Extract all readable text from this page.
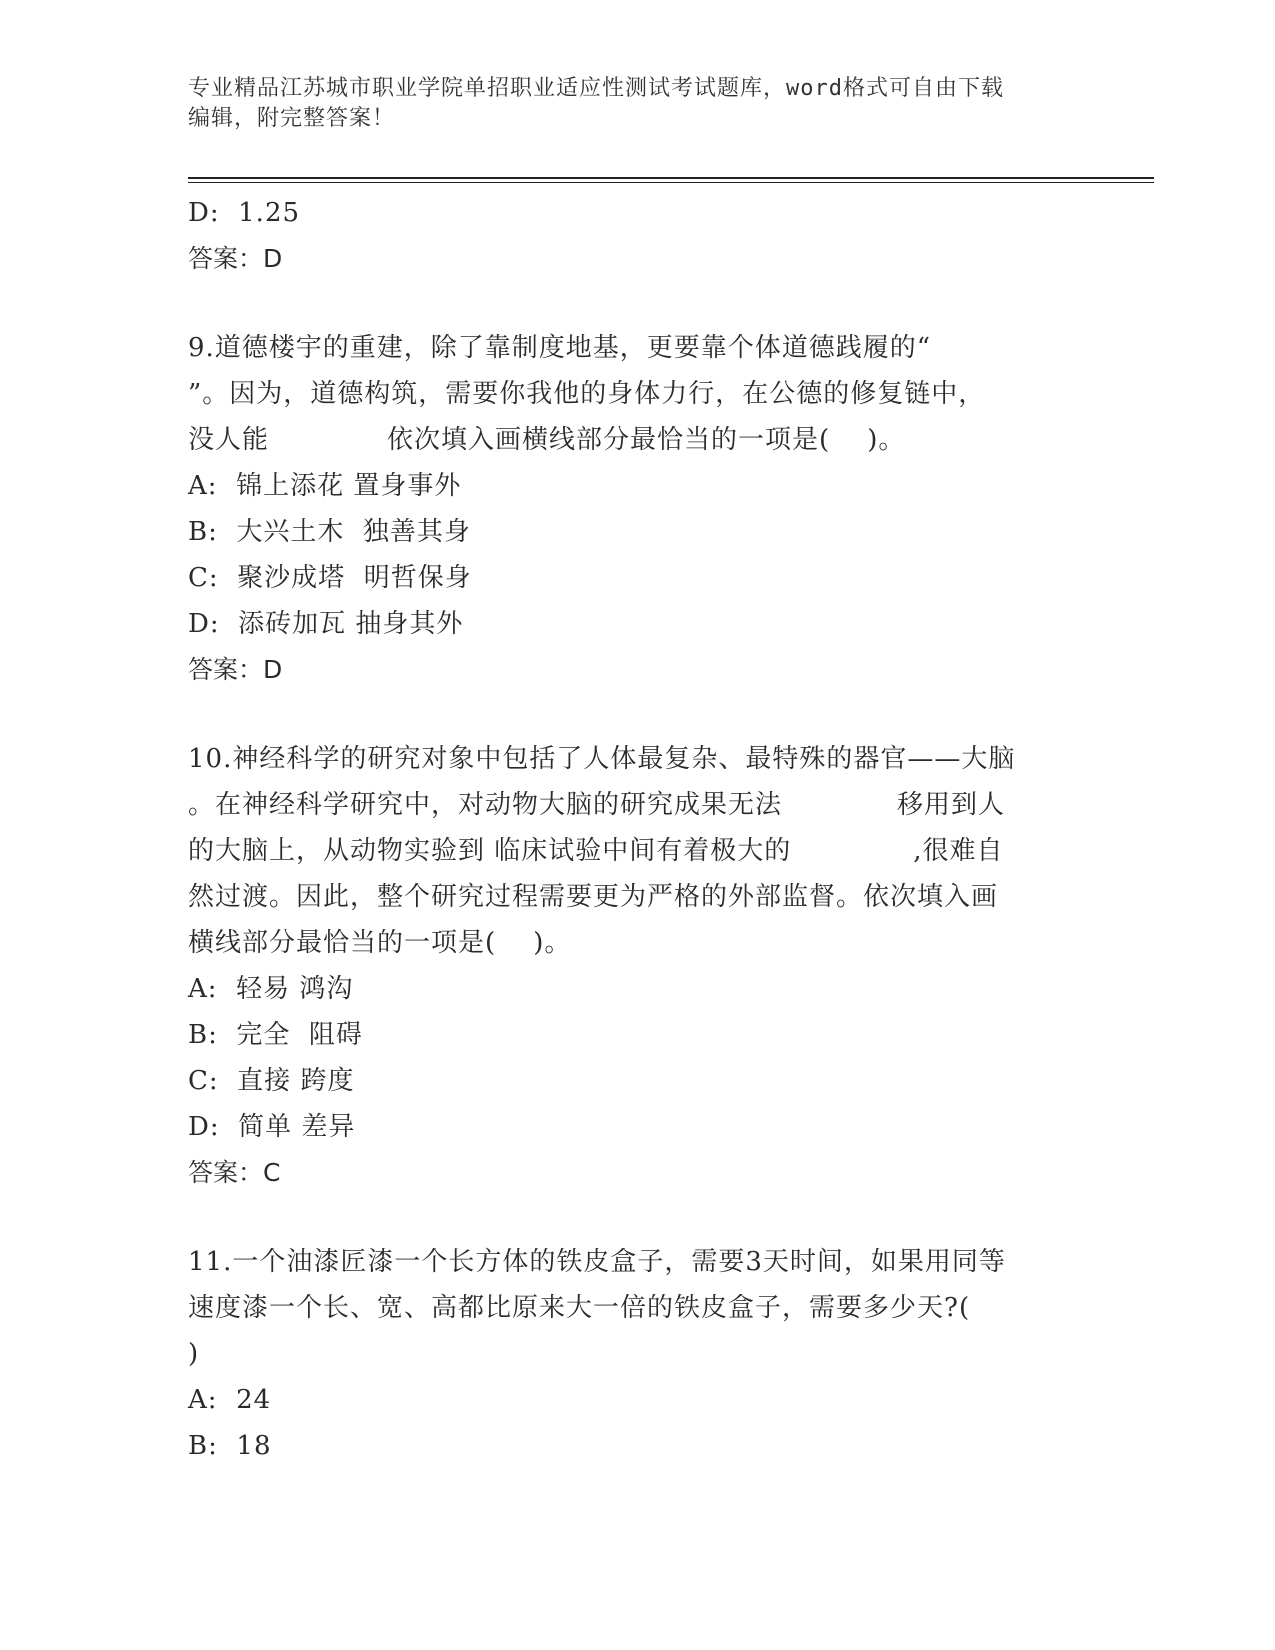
专业精品江苏城市职业学院单招职业适应性测试考试题库，word格式可自由下载
编辑，附完整答案！

D:  1.25

答案：D

9.道德楼宇的重建，除了靠制度地基，更要靠个体道德践履的“

”。因为，道德构筑，需要你我他的身体力行，在公德的修复链中，

没人能	依次填入画横线部分最恰当的一项是(    )。

A:  锦上添花 置身事外

B:  大兴土木  独善其身

C:  聚沙成塔  明哲保身

D:  添砖加瓦 抽身其外

答案：D

10.神经科学的研究对象中包括了人体最复杂、最特殊的器官——大脑

。在神经科学研究中，对动物大脑的研究成果无法	移用到人

的大脑上，从动物实验到 临床试验中间有着极大的	,很难自

然过渡。因此，整个研究过程需要更为严格的外部监督。依次填入画

横线部分最恰当的一项是(    )。

A:  轻易 鸿沟

B:  完全  阻碍

C:  直接 跨度

D:  简单 差异

答案：C

11.一个油漆匠漆一个长方体的铁皮盒子，需要3天时间，如果用同等

速度漆一个长、宽、高都比原来大一倍的铁皮盒子，需要多少天?(

)

A:  24

B:  18
